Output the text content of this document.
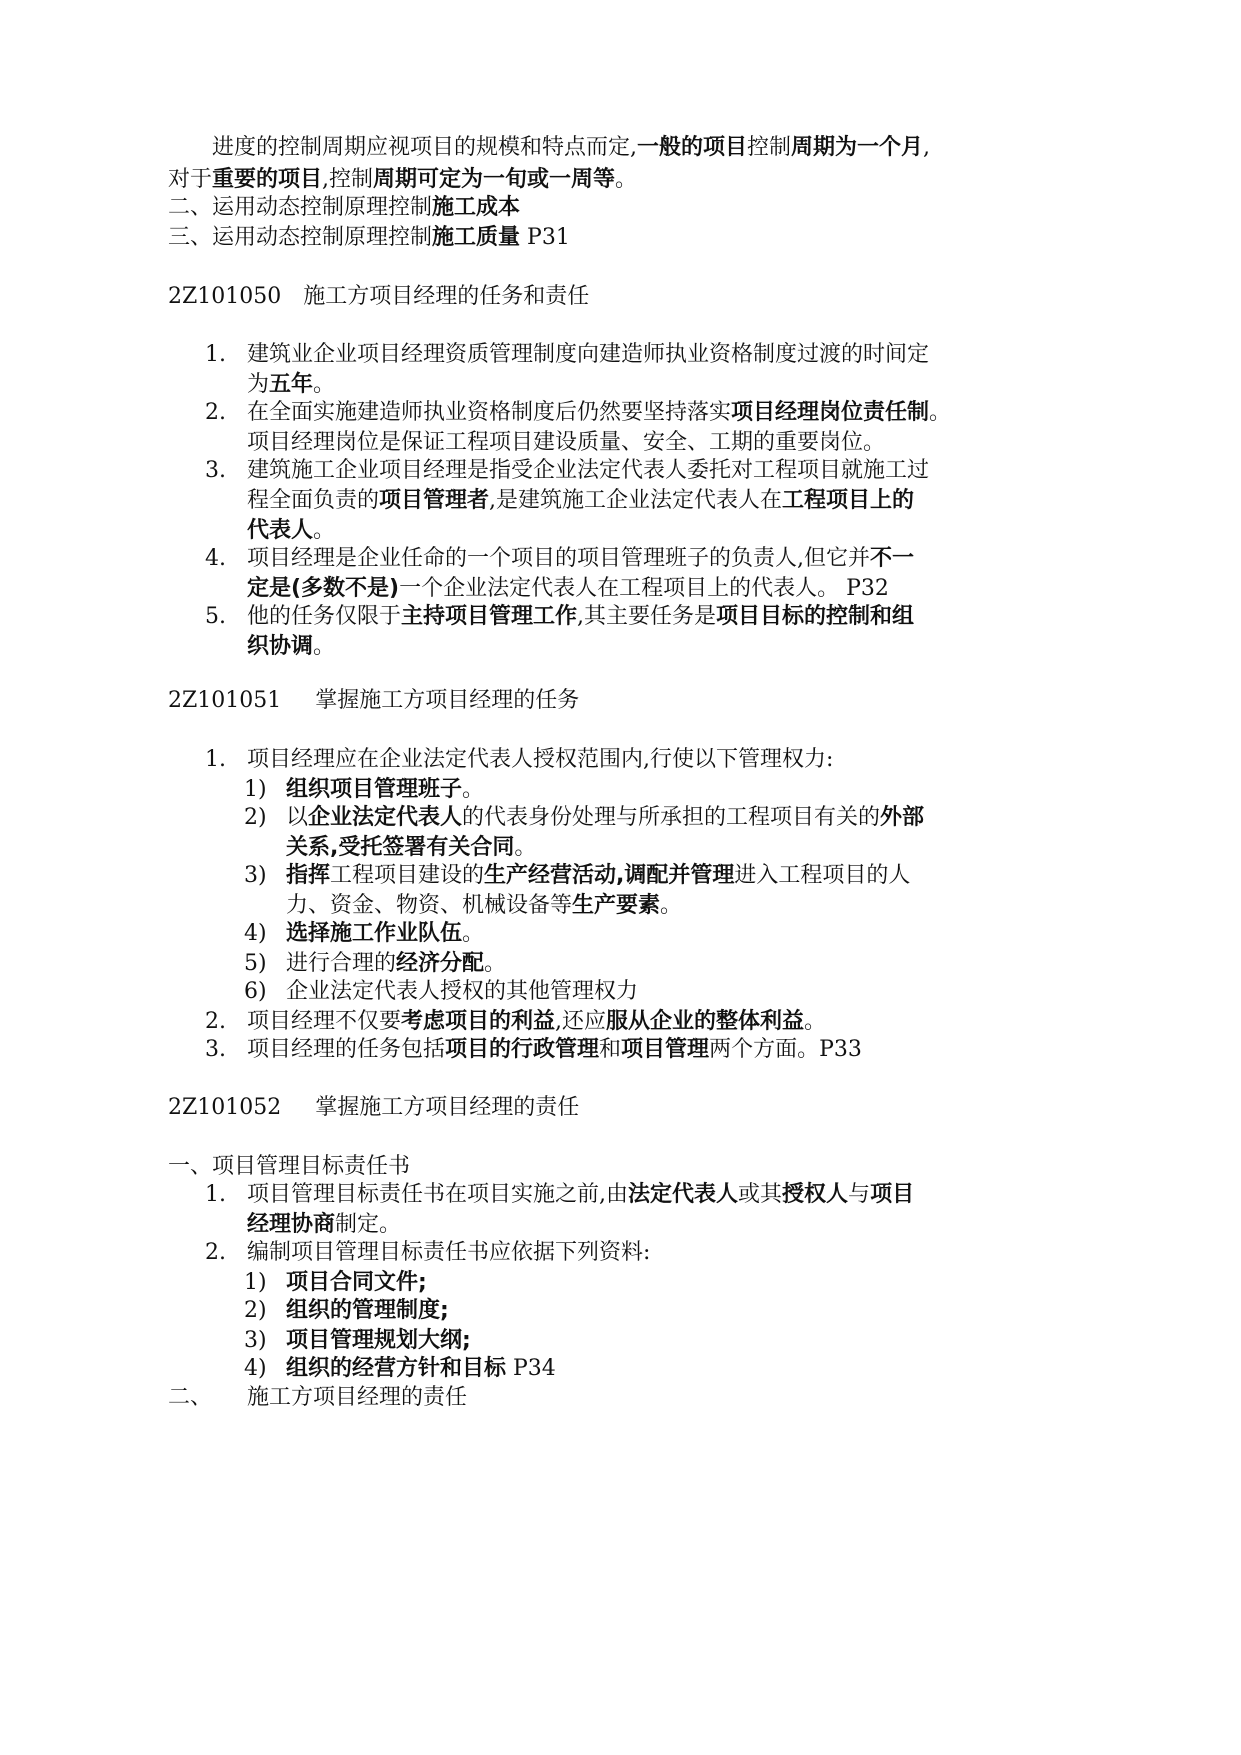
进度的控制周期应视项目的规模和特点而定,一般的项目控制周期为一个月,
对于重要的项目,控制周期可定为一旬或一周等。
二、运用动态控制原理控制施工成本
三、运用动态控制原理控制施工质量 P31
2Z101050 施工方项目经理的任务和责任
1. 建筑业企业项目经理资质管理制度向建造师执业资格制度过渡的时间定
为五年。
2. 在全面实施建造师执业资格制度后仍然要坚持落实项目经理岗位责任制。
项目经理岗位是保证工程项目建设质量、安全、工期的重要岗位。
3. 建筑施工企业项目经理是指受企业法定代表人委托对工程项目就施工过
程全面负责的项目管理者,是建筑施工企业法定代表人在工程项目上的
代表人。
4. 项目经理是企业任命的一个项目的项目管理班子的负责人,但它并不一
定是(多数不是)一个企业法定代表人在工程项目上的代表人。 P32
5. 他的任务仅限于主持项目管理工作,其主要任务是项目目标的控制和组
织协调。
2Z101051 掌握施工方项目经理的任务
1. 项目经理应在企业法定代表人授权范围内,行使以下管理权力:
1) 组织项目管理班子。
2) 以企业法定代表人的代表身份处理与所承担的工程项目有关的外部
关系,受托签署有关合同。
3) 指挥工程项目建设的生产经营活动,调配并管理进入工程项目的人
力、资金、物资、机械设备等生产要素。
4) 选择施工作业队伍。
5) 进行合理的经济分配。
6) 企业法定代表人授权的其他管理权力
2. 项目经理不仅要考虑项目的利益,还应服从企业的整体利益。
3. 项目经理的任务包括项目的行政管理和项目管理两个方面。P33
2Z101052 掌握施工方项目经理的责任
一、项目管理目标责任书
1. 项目管理目标责任书在项目实施之前,由法定代表人或其授权人与项目
经理协商制定。
2. 编制项目管理目标责任书应依据下列资料:
1) 项目合同文件;
2) 组织的管理制度;
3) 项目管理规划大纲;
4) 组织的经营方针和目标 P34
二、 施工方项目经理的责任
